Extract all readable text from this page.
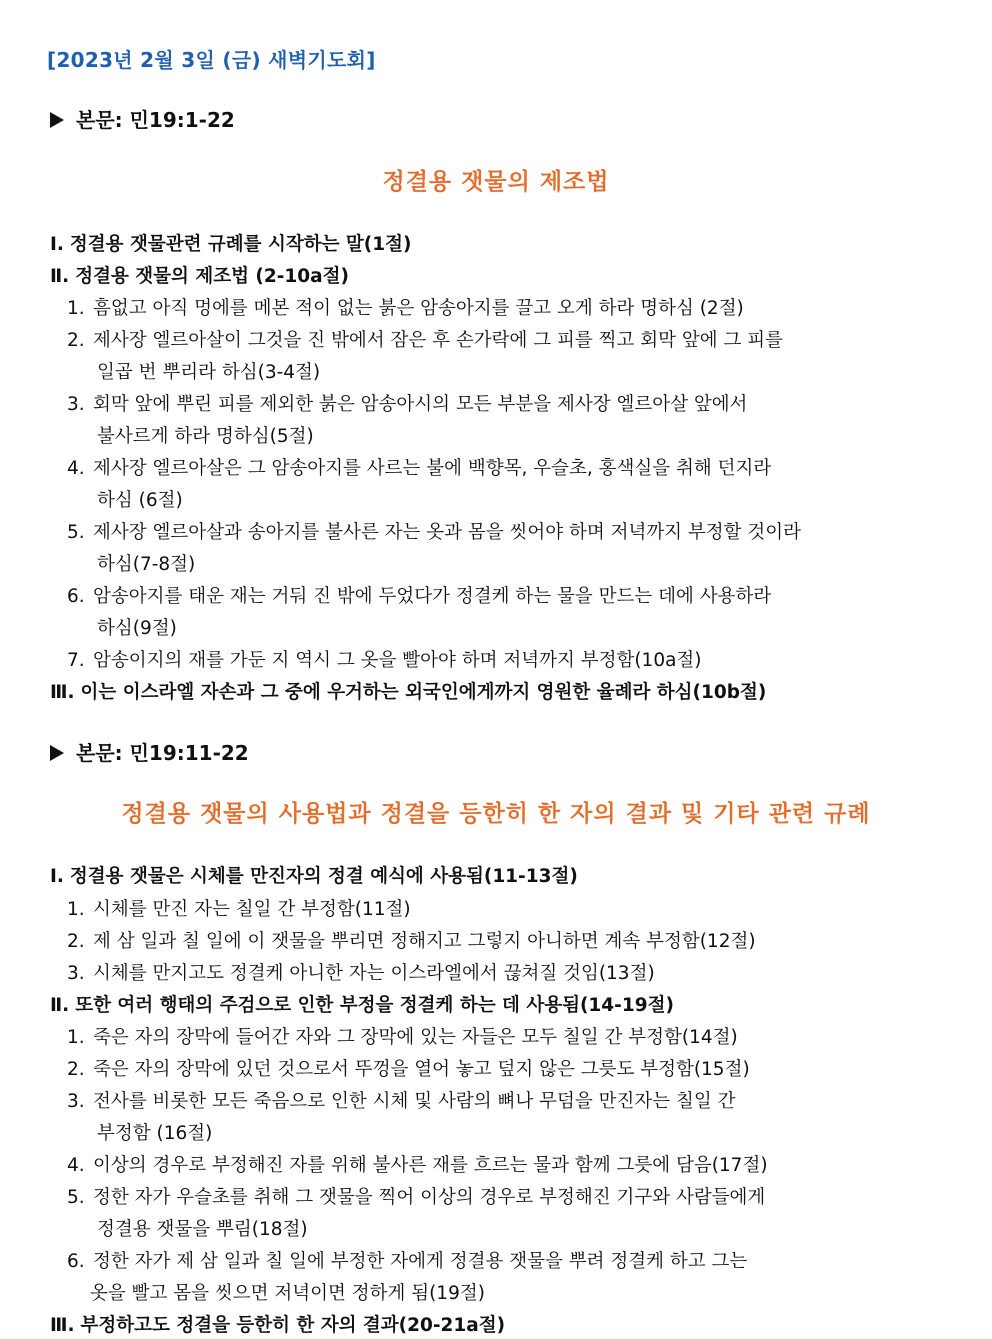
[2023년 2월 3일 (금) 새벽기도회]
본문: 민19:1-22
정결용 잿물의 제조법
Ⅰ. 정결용 잿물관련 규례를 시작하는 말(1절)
Ⅱ. 정결용 잿물의 제조법 (2-10a절)
1. 흠없고 아직 멍에를 메본 적이 없는 붉은 암송아지를 끌고 오게 하라 명하심 (2절)
2. 제사장 엘르아살이 그것을 진 밖에서 잠은 후 손가락에 그 피를 찍고 회막 앞에 그 피를
일곱 번 뿌리라 하심(3-4절)
3. 회막 앞에 뿌린 피를 제외한 붉은 암송아시의 모든 부분을 제사장 엘르아살 앞에서
불사르게 하라 명하심(5절)
4. 제사장 엘르아살은 그 암송아지를 사르는 불에 백향목, 우슬초, 홍색실을 취해 던지라
하심 (6절)
5. 제사장 엘르아살과 송아지를 불사른 자는 옷과 몸을 씻어야 하며 저녁까지 부정할 것이라
하심(7-8절)
6. 암송아지를 태운 재는 거둬 진 밖에 두었다가 정결케 하는 물을 만드는 데에 사용하라
하심(9절)
7. 암송이지의 재를 가둔 지 역시 그 옷을 빨아야 하며 저녁까지 부정함(10a절)
Ⅲ. 이는 이스라엘 자손과 그 중에 우거하는 외국인에게까지 영원한 율례라 하심(10b절)
본문: 민19:11-22
정결용 잿물의 사용법과 정결을 등한히 한 자의 결과 및 기타 관련 규례
Ⅰ. 정결용 잿물은 시체를 만진자의 정결 예식에 사용됨(11-13절)
1. 시체를 만진 자는 칠일 간 부정함(11절)
2. 제 삼 일과 칠 일에 이 잿물을 뿌리면 정해지고 그렇지 아니하면 계속 부정함(12절)
3. 시체를 만지고도 정결케 아니한 자는 이스라엘에서 끊쳐질 것임(13절)
Ⅱ. 또한 여러 행태의 주검으로 인한 부정을 정결케 하는 데 사용됨(14-19절)
1. 죽은 자의 장막에 들어간 자와 그 장막에 있는 자들은 모두 칠일 간 부정함(14절)
2. 죽은 자의 장막에 있던 것으로서 뚜껑을 열어 놓고 덮지 않은 그릇도 부정함(15절)
3. 전사를 비롯한 모든 죽음으로 인한 시체 및 사람의 뼈나 무덤을 만진자는 칠일 간
부정함 (16절)
4. 이상의 경우로 부정해진 자를 위해 불사른 재를 흐르는 물과 함께 그릇에 담음(17절)
5. 정한 자가 우슬초를 취해 그 잿물을 찍어 이상의 경우로 부정해진 기구와 사람들에게
정결용 잿물을 뿌림(18절)
6. 정한 자가 제 삼 일과 칠 일에 부정한 자에게 정결용 잿물을 뿌려 정결케 하고 그는
옷을 빨고 몸을 씻으면 저녁이면 정하게 됨(19절)
Ⅲ. 부정하고도 정결을 등한히 한 자의 결과(20-21a절)
